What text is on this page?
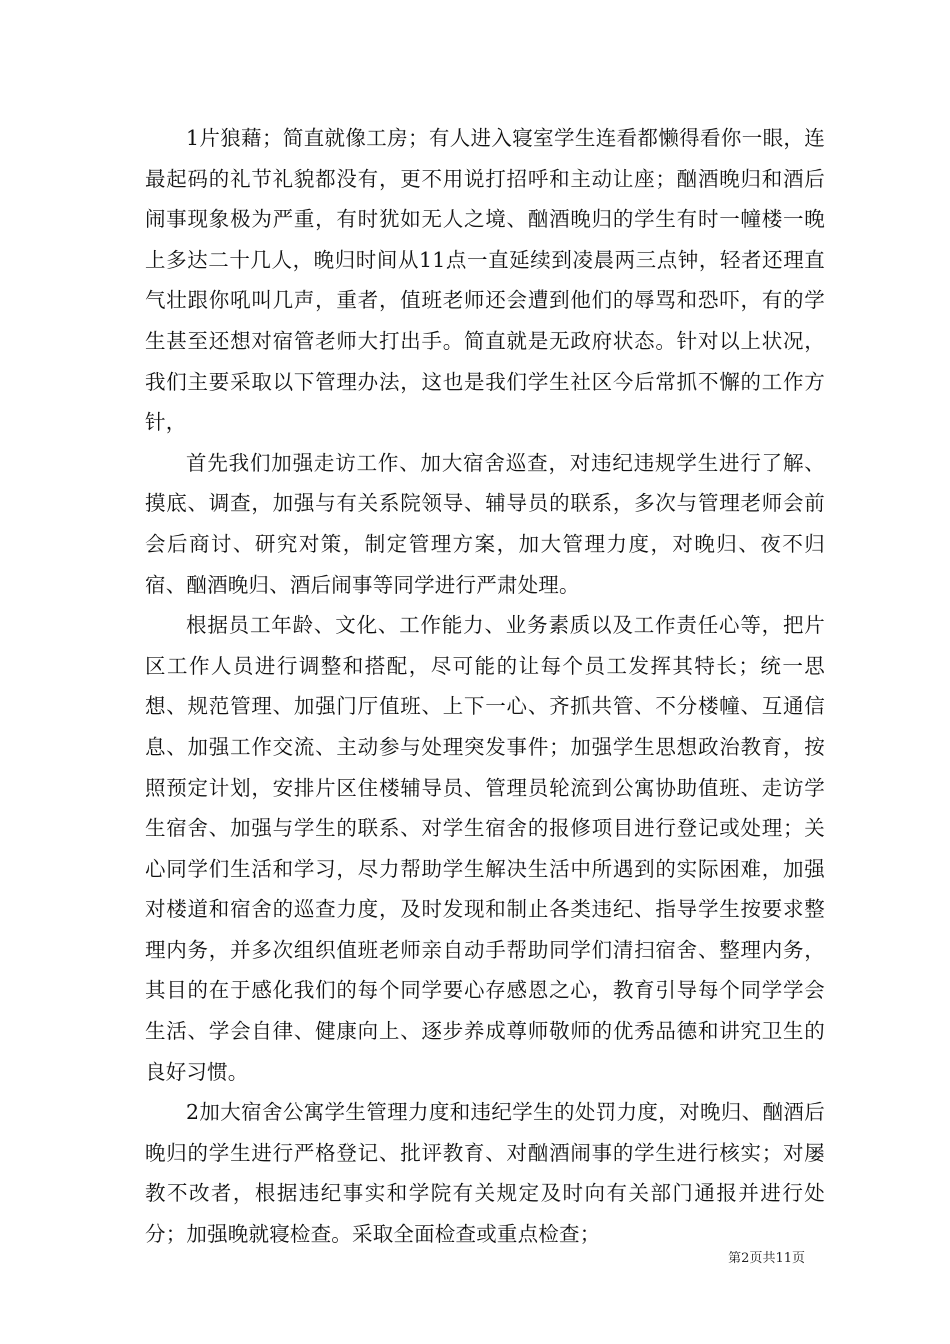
1片狼藉；简直就像工房；有人进入寝室学生连看都懒得看你一眼，连最起码的礼节礼貌都没有，更不用说打招呼和主动让座；酗酒晚归和酒后闹事现象极为严重，有时犹如无人之境、酗酒晚归的学生有时一幢楼一晚上多达二十几人，晚归时间从11点一直延续到凌晨两三点钟，轻者还理直气壮跟你吼叫几声，重者，值班老师还会遭到他们的辱骂和恐吓，有的学生甚至还想对宿管老师大打出手。简直就是无政府状态。针对以上状况，我们主要采取以下管理办法，这也是我们学生社区今后常抓不懈的工作方针，

首先我们加强走访工作、加大宿舍巡查，对违纪违规学生进行了解、摸底、调查，加强与有关系院领导、辅导员的联系，多次与管理老师会前会后商讨、研究对策，制定管理方案，加大管理力度，对晚归、夜不归宿、酗酒晚归、酒后闹事等同学进行严肃处理。

根据员工年龄、文化、工作能力、业务素质以及工作责任心等，把片区工作人员进行调整和搭配，尽可能的让每个员工发挥其特长；统一思想、规范管理、加强门厅值班、上下一心、齐抓共管、不分楼幢、互通信息、加强工作交流、主动参与处理突发事件；加强学生思想政治教育，按照预定计划，安排片区住楼辅导员、管理员轮流到公寓协助值班、走访学生宿舍、加强与学生的联系、对学生宿舍的报修项目进行登记或处理；关心同学们生活和学习，尽力帮助学生解决生活中所遇到的实际困难，加强对楼道和宿舍的巡查力度，及时发现和制止各类违纪、指导学生按要求整理内务，并多次组织值班老师亲自动手帮助同学们清扫宿舍、整理内务，其目的在于感化我们的每个同学要心存感恩之心，教育引导每个同学学会生活、学会自律、健康向上、逐步养成尊师敬师的优秀品德和讲究卫生的良好习惯。

2加大宿舍公寓学生管理力度和违纪学生的处罚力度，对晚归、酗酒后晚归的学生进行严格登记、批评教育、对酗酒闹事的学生进行核实；对屡教不改者，根据违纪事实和学院有关规定及时向有关部门通报并进行处分；加强晚就寝检查。采取全面检查或重点检查；

第2页共11页
